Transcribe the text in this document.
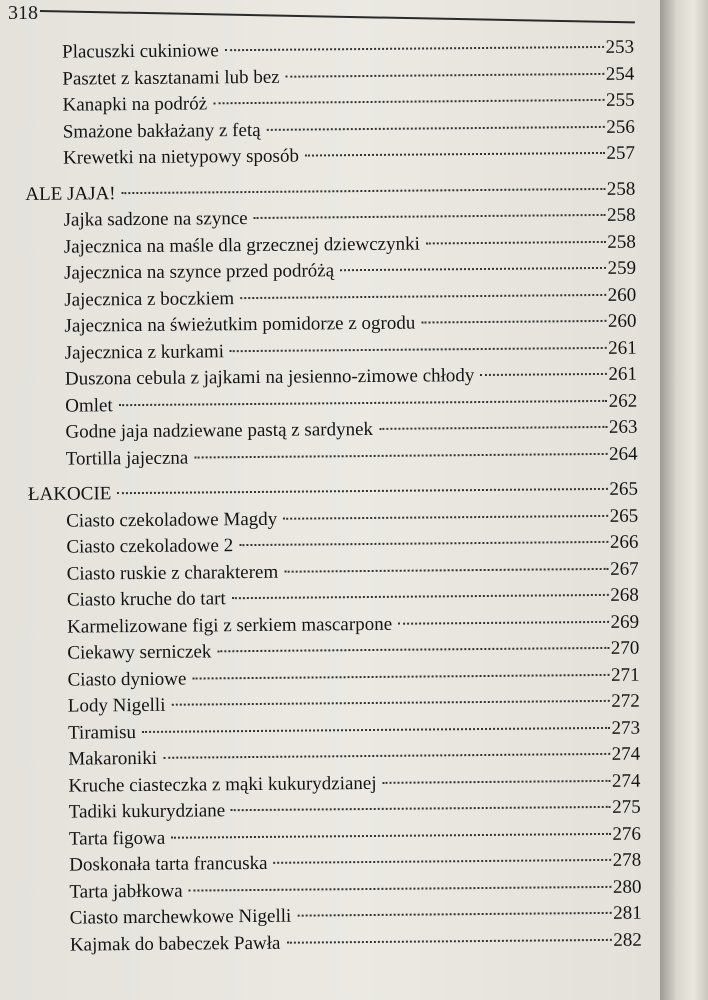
318
Placuszki cukiniowe	253
Pasztet z kasztanami lub bez	254
Kanapki na podróż	255
Smażone bakłażany z fetą	256
Krewetki na nietypowy sposób	257
ALE JAJA!	258
Jajka sadzone na szynce	258
Jajecznica na maśle dla grzecznej dziewczynki	258
Jajecznica na szynce przed podróżą	259
Jajecznica z boczkiem	260
Jajecznica na świeżutkim pomidorze z ogrodu	260
Jajecznica z kurkami	261
Duszona cebula z jajkami na jesienno-zimowe chłody	261
Omlet	262
Godne jaja nadziewane pastą z sardynek	263
Tortilla jajeczna	264
ŁAKOCIE	265
Ciasto czekoladowe Magdy	265
Ciasto czekoladowe 2	266
Ciasto ruskie z charakterem	267
Ciasto kruche do tart	268
Karmelizowane figi z serkiem mascarpone	269
Ciekawy serniczek	270
Ciasto dyniowe	271
Lody Nigelli	272
Tiramisu	273
Makaroniki	274
Kruche ciasteczka z mąki kukurydzianej	274
Tadiki kukurydziane	275
Tarta figowa	276
Doskonała tarta francuska	278
Tarta jabłkowa	280
Ciasto marchewkowe Nigelli	281
Kajmak do babeczek Pawła	282
